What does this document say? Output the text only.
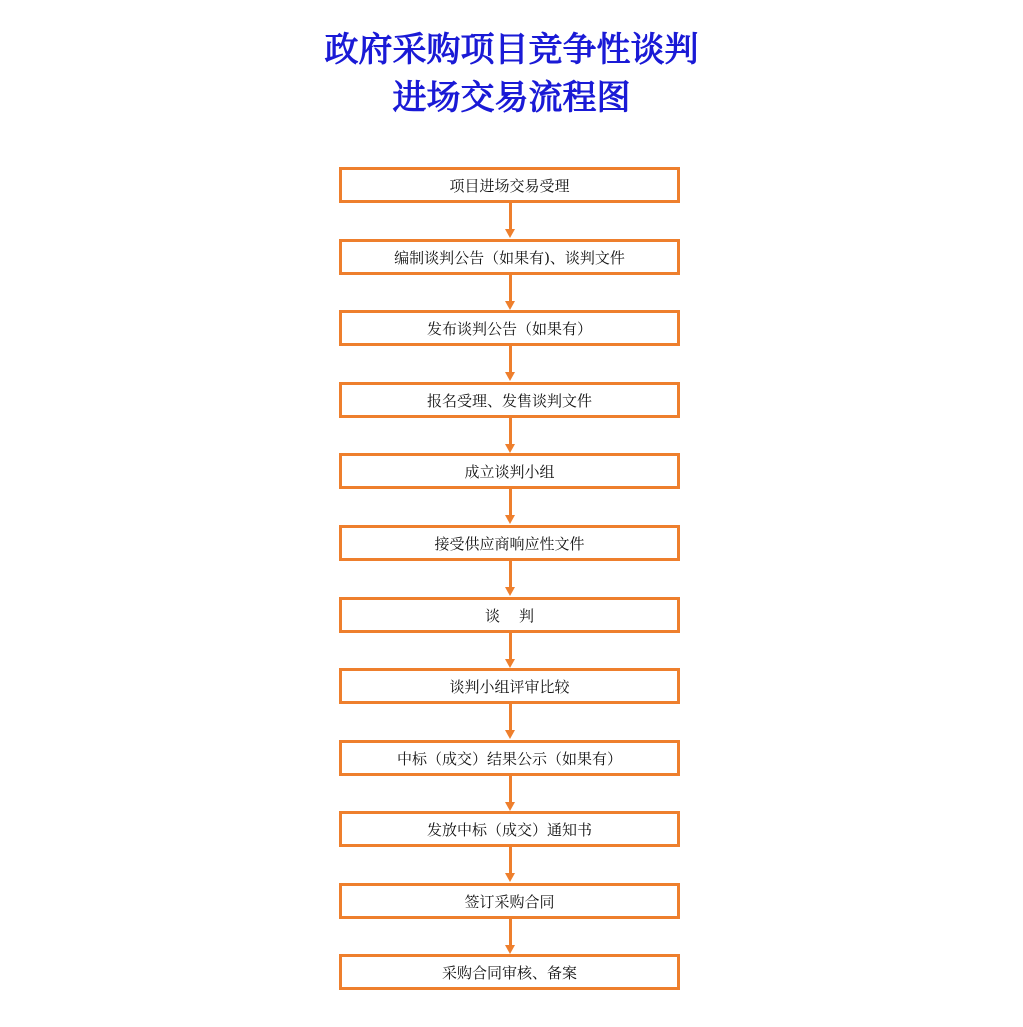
政府采购项目竞争性谈判
进场交易流程图
项目进场交易受理
编制谈判公告（如果有)、谈判文件
发布谈判公告（如果有）
报名受理、发售谈判文件
成立谈判小组
接受供应商响应性文件
谈    判
谈判小组评审比较
中标（成交）结果公示（如果有）
发放中标（成交）通知书
签订采购合同
采购合同审核、备案
